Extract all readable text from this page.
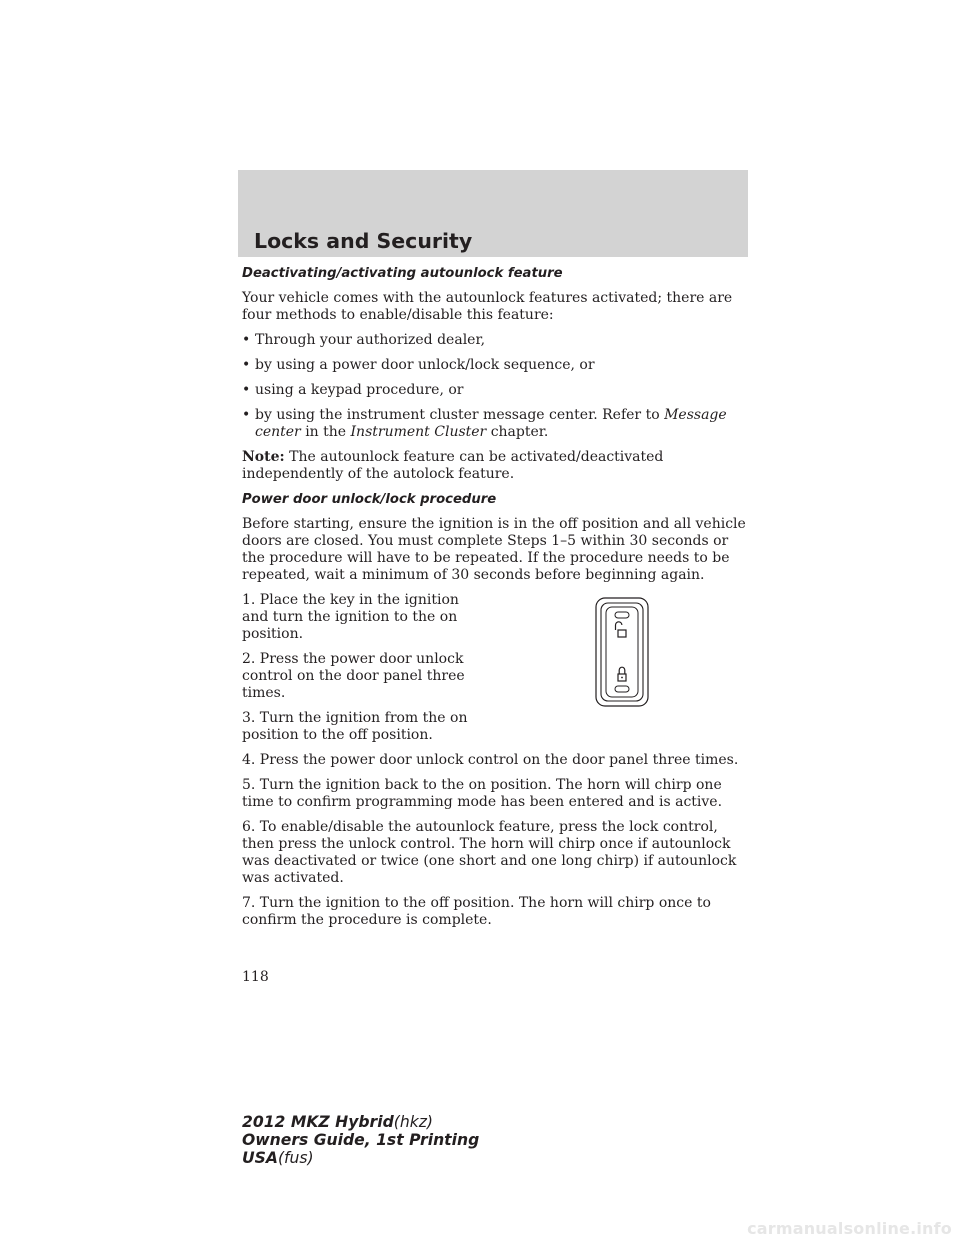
Locks and Security

Deactivating/activating autounlock feature

Your vehicle comes with the autounlock features activated; there are four methods to enable/disable this feature:

• Through your authorized dealer,
• by using a power door unlock/lock sequence, or
• using a keypad procedure, or
• by using the instrument cluster message center. Refer to Message center in the Instrument Cluster chapter.

Note: The autounlock feature can be activated/deactivated independently of the autolock feature.

Power door unlock/lock procedure

Before starting, ensure the ignition is in the off position and all vehicle doors are closed. You must complete Steps 1–5 within 30 seconds or the procedure will have to be repeated. If the procedure needs to be repeated, wait a minimum of 30 seconds before beginning again.

1. Place the key in the ignition and turn the ignition to the on position.

2. Press the power door unlock control on the door panel three times.

3. Turn the ignition from the on position to the off position.

4. Press the power door unlock control on the door panel three times.

5. Turn the ignition back to the on position. The horn will chirp one time to confirm programming mode has been entered and is active.

6. To enable/disable the autounlock feature, press the lock control, then press the unlock control. The horn will chirp once if autounlock was deactivated or twice (one short and one long chirp) if autounlock was activated.

7. Turn the ignition to the off position. The horn will chirp once to confirm the procedure is complete.

118
2012 MKZ Hybrid(hkz)
Owners Guide, 1st Printing
USA(fus)
carmanualsonline.info
